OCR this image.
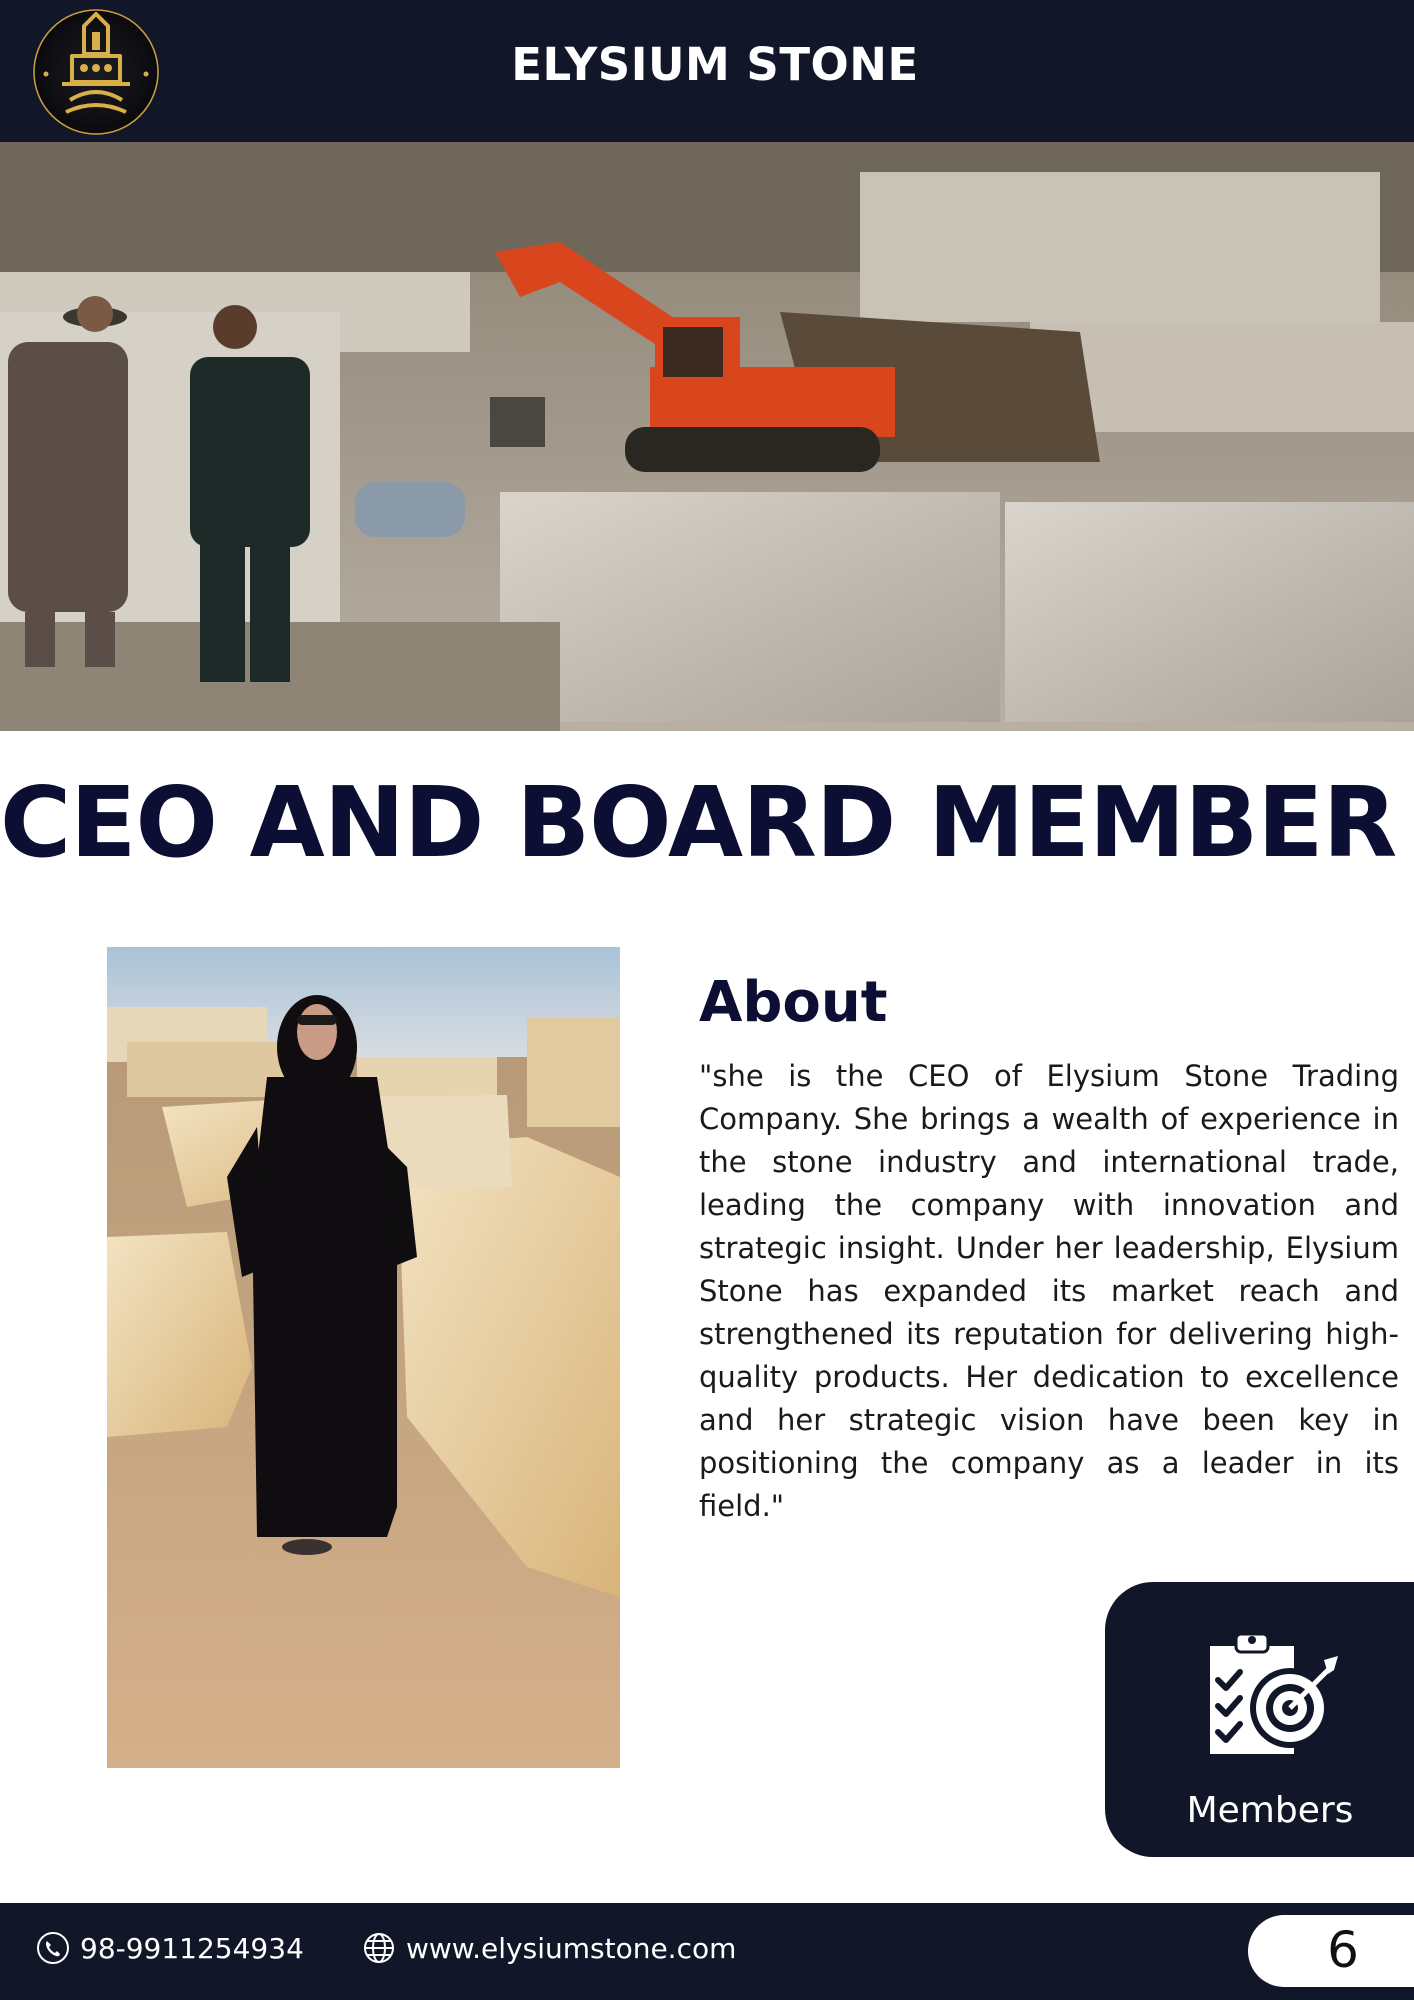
ELYSIUM STONE
CEO AND BOARD MEMBER
About

"she is the CEO of Elysium Stone Trading Company. She brings a wealth of experience in the stone industry and international trade, leading the company with innovation and strategic insight. Under her leadership, Elysium Stone has expanded its market reach and strengthened its reputation for delivering high-quality products. Her dedication to excellence and her strategic vision have been key in positioning the company as a leader in its field."

Members
98-9911254934	www.elysiumstone.com	6
